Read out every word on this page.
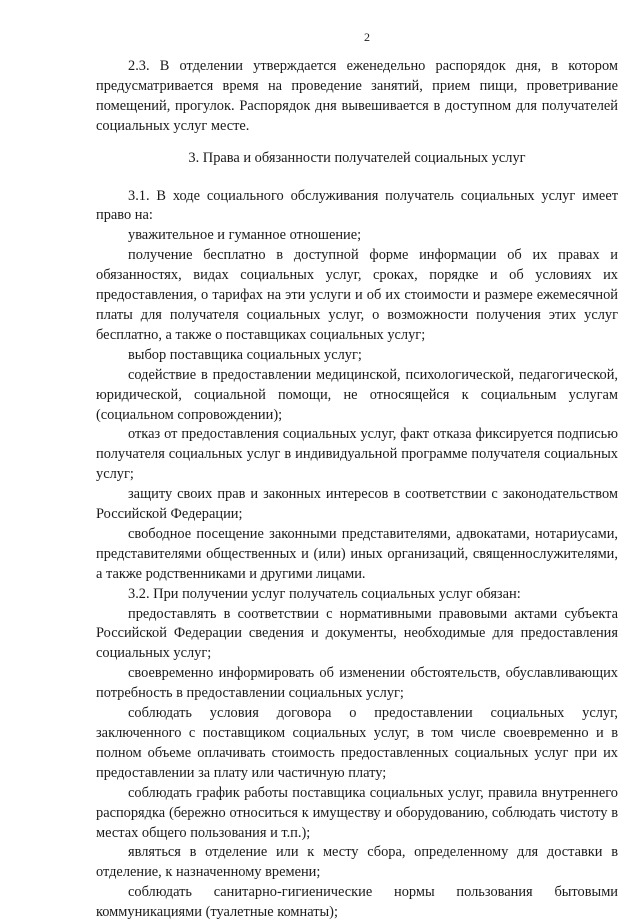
2

2.3. В отделении утверждается еженедельно распорядок дня, в котором предусматривается время на проведение занятий, прием пищи, проветривание помещений, прогулок. Распорядок дня вывешивается в доступном для получателей социальных услуг месте.

3. Права и обязанности получателей социальных услуг

3.1. В ходе социального обслуживания получатель социальных услуг имеет право на:

уважительное и гуманное отношение;

получение бесплатно в доступной форме информации об их правах и обязанностях, видах социальных услуг, сроках, порядке и об условиях их предоставления, о тарифах на эти услуги и об их стоимости и размере ежемесячной платы для получателя социальных услуг, о возможности получения этих услуг бесплатно, а также о поставщиках социальных услуг;

выбор поставщика социальных услуг;

содействие в предоставлении медицинской, психологической, педагогической, юридической, социальной помощи, не относящейся к социальным услугам (социальном сопровождении);

отказ от предоставления социальных услуг, факт отказа фиксируется подписью получателя социальных услуг в индивидуальной программе получателя социальных услуг;

защиту своих прав и законных интересов в соответствии с законодательством Российской Федерации;

свободное посещение законными представителями, адвокатами, нотариусами, представителями общественных и (или) иных организаций, священнослужителями, а также родственниками и другими лицами.

3.2. При получении услуг получатель социальных услуг обязан:

предоставлять в соответствии с нормативными правовыми актами субъекта Российской Федерации сведения и документы, необходимые для предоставления социальных услуг;

своевременно информировать об изменении обстоятельств, обуславливающих потребность в предоставлении социальных услуг;

соблюдать условия договора о предоставлении социальных услуг, заключенного с поставщиком социальных услуг, в том числе своевременно и в полном объеме оплачивать стоимость предоставленных социальных услуг при их предоставлении за плату или частичную плату;

соблюдать график работы поставщика социальных услуг, правила внутреннего распорядка (бережно относиться к имуществу и оборудованию, соблюдать чистоту в местах общего пользования и т.п.);

являться в отделение или к месту сбора, определенному для доставки в отделение, к назначенному времени;

соблюдать санитарно-гигиенические нормы пользования бытовыми коммуникациями (туалетные комнаты);
